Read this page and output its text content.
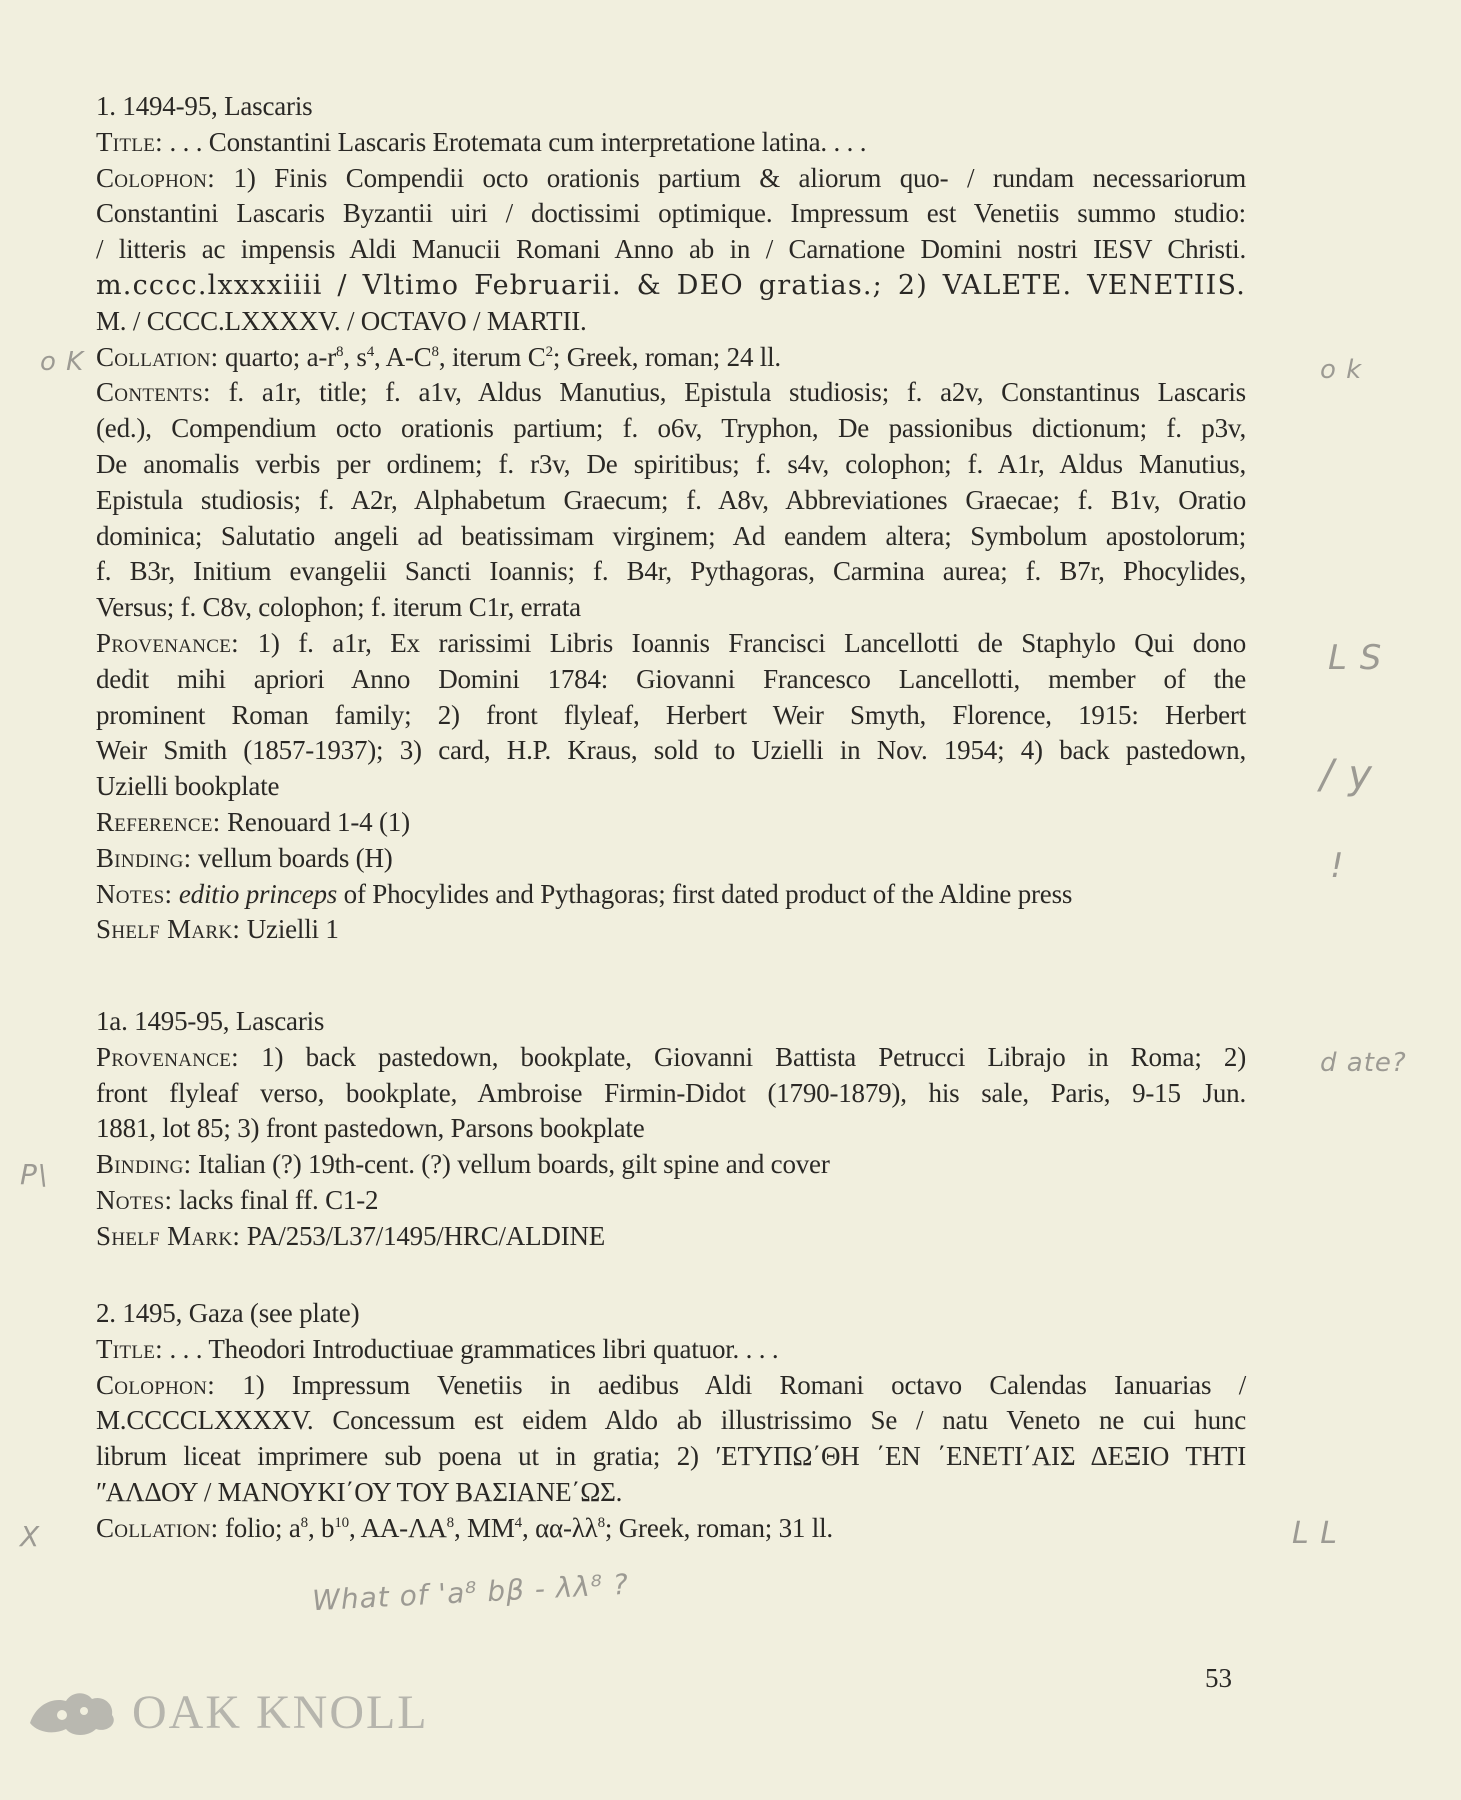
1. 1494-95, Lascaris
Title: . . . Constantini Lascaris Erotemata cum interpretatione latina. . . .
Colophon: 1) Finis Compendii octo orationis partium & aliorum quo- / rundam necessariorum
Constantini Lascaris Byzantii uiri / doctissimi optimique. Impressum est Venetiis summo studio:
/ litteris ac impensis Aldi Manucii Romani Anno ab in / Carnatione Domini nostri IESV Christi.
m.cccc.lxxxxiiii / Vltimo Februarii. & DEO gratias.; 2) VALETE. VENETIIS.
M. / CCCC.LXXXXV. / OCTAVO / MARTII.
Collation: quarto; $a-r^8$, $s^4$, $A-C^8$, iterum $C^2$; Greek, roman; 24 ll.
Contents: f. a1r, title; f. a1v, Aldus Manutius, Epistula studiosis; f. a2v, Constantinus Lascaris
(ed.), Compendium octo orationis partium; f. o6v, Tryphon, De passionibus dictionum; f. p3v,
De anomalis verbis per ordinem; f. r3v, De spiritibus; f. s4v, colophon; f. A1r, Aldus Manutius,
Epistula studiosis; f. A2r, Alphabetum Graecum; f. A8v, Abbreviationes Graecae; f. B1v, Oratio
dominica; Salutatio angeli ad beatissimam virginem; Ad eandem altera; Symbolum apostolorum;
f. B3r, Initium evangelii Sancti Ioannis; f. B4r, Pythagoras, Carmina aurea; f. B7r, Phocylides,
Versus; f. C8v, colophon; f. iterum C1r, errata
Provenance: 1) f. a1r, Ex rarissimi Libris Ioannis Francisci Lancellotti de Staphylo Qui dono
dedit mihi apriori Anno Domini 1784: Giovanni Francesco Lancellotti, member of the
prominent Roman family; 2) front flyleaf, Herbert Weir Smyth, Florence, 1915: Herbert
Weir Smith (1857-1937); 3) card, H.P. Kraus, sold to Uzielli in Nov. 1954; 4) back pastedown,
Uzielli bookplate
Reference: Renouard 1-4 (1)
Binding: vellum boards (H)
Notes: editio princeps of Phocylides and Pythagoras; first dated product of the Aldine press
Shelf Mark: Uzielli 1
1a. 1495-95, Lascaris
Provenance: 1) back pastedown, bookplate, Giovanni Battista Petrucci Librajo in Roma; 2)
front flyleaf verso, bookplate, Ambroise Firmin-Didot (1790-1879), his sale, Paris, 9-15 Jun.
1881, lot 85; 3) front pastedown, Parsons bookplate
Binding: Italian (?) 19th-cent. (?) vellum boards, gilt spine and cover
Notes: lacks final ff. C1-2
Shelf Mark: PA/253/L37/1495/HRC/ALDINE
2. 1495, Gaza (see plate)
Title: . . . Theodori Introductiuae grammatices libri quatuor. . . .
Colophon: 1) Impressum Venetiis in aedibus Aldi Romani octavo Calendas Ianuarias /
M.CCCCLXXXXV. Concessum est eidem Aldo ab illustrissimo Se / natu Veneto ne cui hunc
librum liceat imprimere sub poena ut in gratia; 2) ʹΕΤΥΠΩ΄ΘΗ ΄ΕΝ ΄ΕΝΕΤΙ΄ΑΙΣ ΔΕΞΙΟ ΤΗΤΙ
ʺΑΛΔΟΥ / ΜΑΝΟΥΚΙ΄ΟΥ ΤΟΥ ΒΑΣΙΑΝΕ΄ΩΣ.
Collation: folio; $a^8$, $b^{10}$, $AA-\Lambda A^8$, $MM^4$, $\alpha\alpha-\lambda\lambda^8$; Greek, roman; 31 ll.
o K	o k
L S
/ y
!
d ate?
P\
X	L L
What of 'a⁸ bβ - λλ⁸ ?
53
OAK KNOLL
